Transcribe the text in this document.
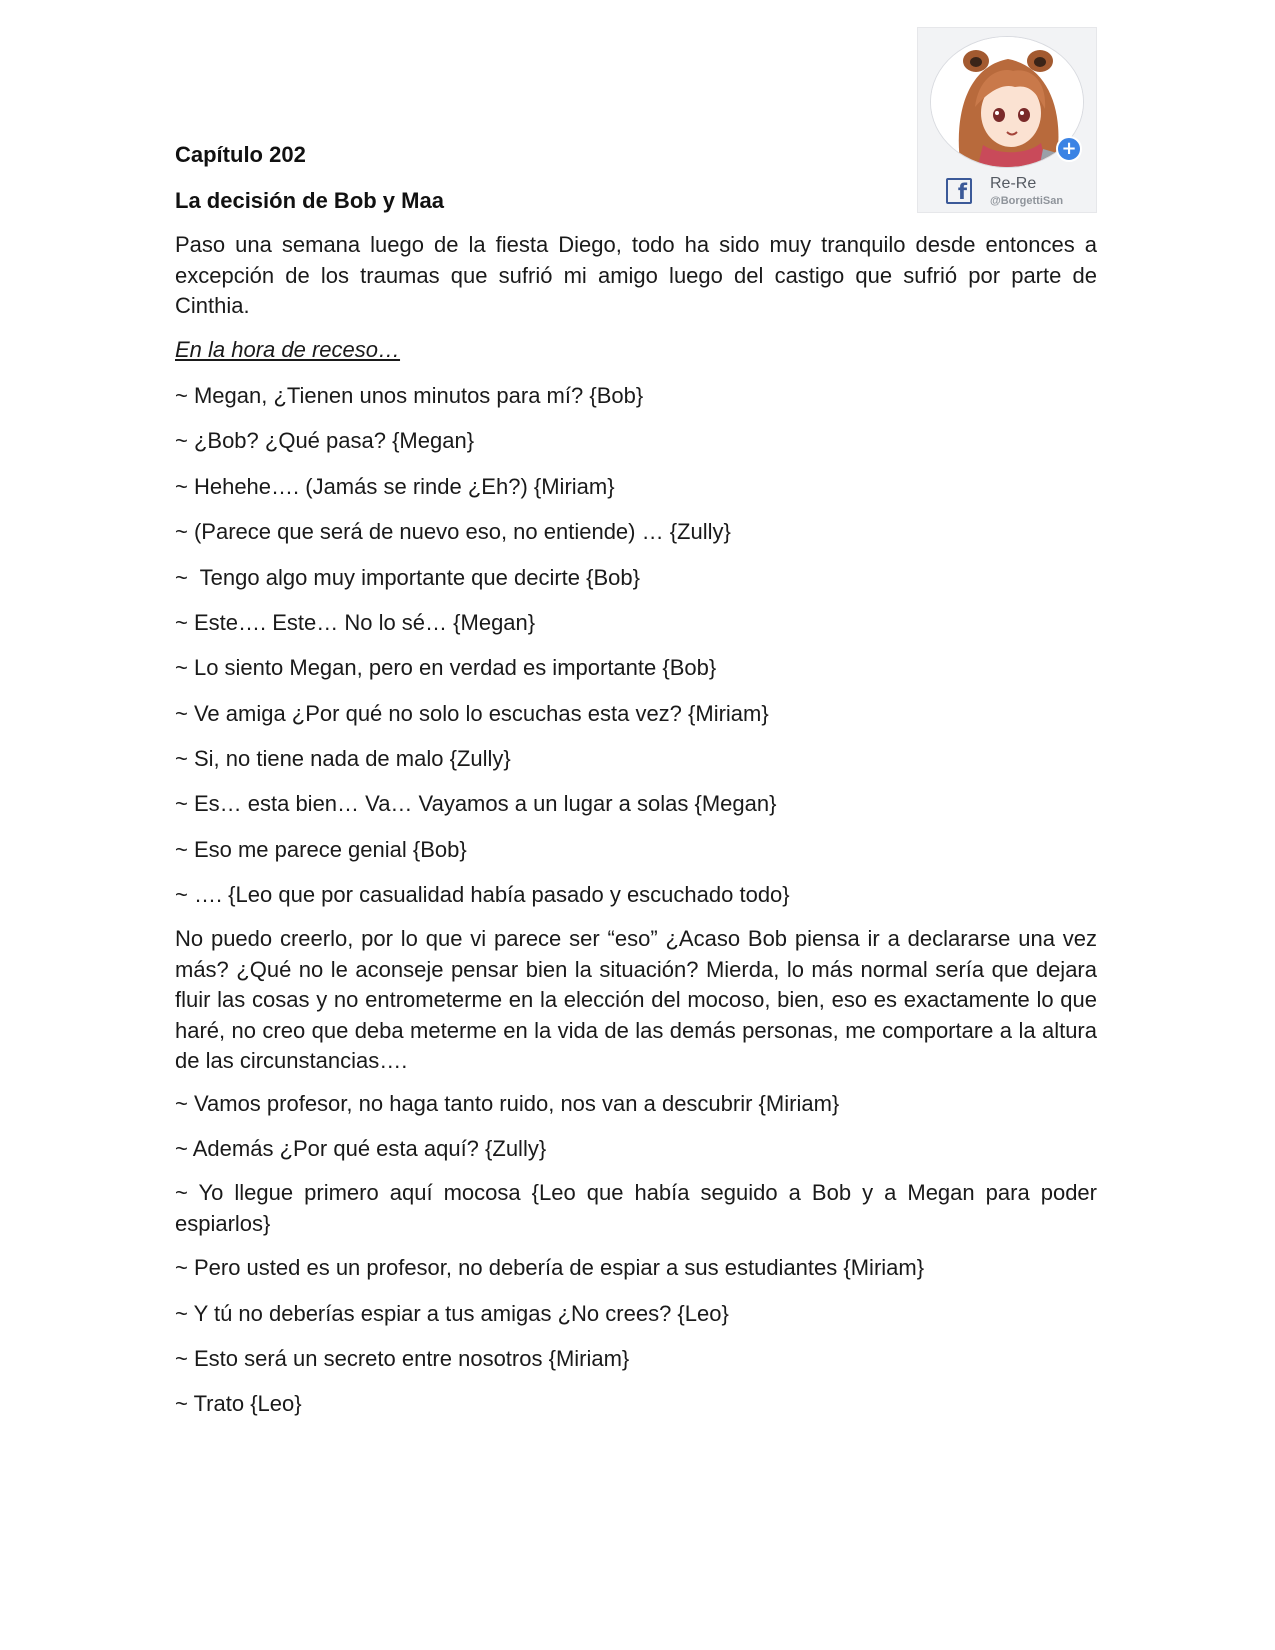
+
f	Re-Re
@BorgettiSan
Capítulo 202
La decisión de Bob y Maa
Paso una semana luego de la fiesta Diego, todo ha sido muy tranquilo desde entonces a excepción de los traumas que sufrió mi amigo luego del castigo que sufrió por parte de Cinthia.
En la hora de receso…
~ Megan, ¿Tienen unos minutos para mí? {Bob}
~ ¿Bob? ¿Qué pasa? {Megan}
~ Hehehe…. (Jamás se rinde ¿Eh?) {Miriam}
~ (Parece que será de nuevo eso, no entiende) … {Zully}
~  Tengo algo muy importante que decirte {Bob}
~ Este…. Este… No lo sé… {Megan}
~ Lo siento Megan, pero en verdad es importante {Bob}
~ Ve amiga ¿Por qué no solo lo escuchas esta vez? {Miriam}
~ Si, no tiene nada de malo {Zully}
~ Es… esta bien… Va… Vayamos a un lugar a solas {Megan}
~ Eso me parece genial {Bob}
~ …. {Leo que por casualidad había pasado y escuchado todo}
No puedo creerlo, por lo que vi parece ser “eso” ¿Acaso Bob piensa ir a declararse una vez más? ¿Qué no le aconseje pensar bien la situación? Mierda, lo más normal sería que dejara fluir las cosas y no entrometerme en la elección del mocoso, bien, eso es exactamente lo que haré, no creo que deba meterme en la vida de las demás personas, me comportare a la altura de las circunstancias….
~ Vamos profesor, no haga tanto ruido, nos van a descubrir {Miriam}
~ Además ¿Por qué esta aquí? {Zully}
~ Yo llegue primero aquí mocosa {Leo que había seguido a Bob y a Megan para poder espiarlos}
~ Pero usted es un profesor, no debería de espiar a sus estudiantes {Miriam}
~ Y tú no deberías espiar a tus amigas ¿No crees? {Leo}
~ Esto será un secreto entre nosotros {Miriam}
~ Trato {Leo}
